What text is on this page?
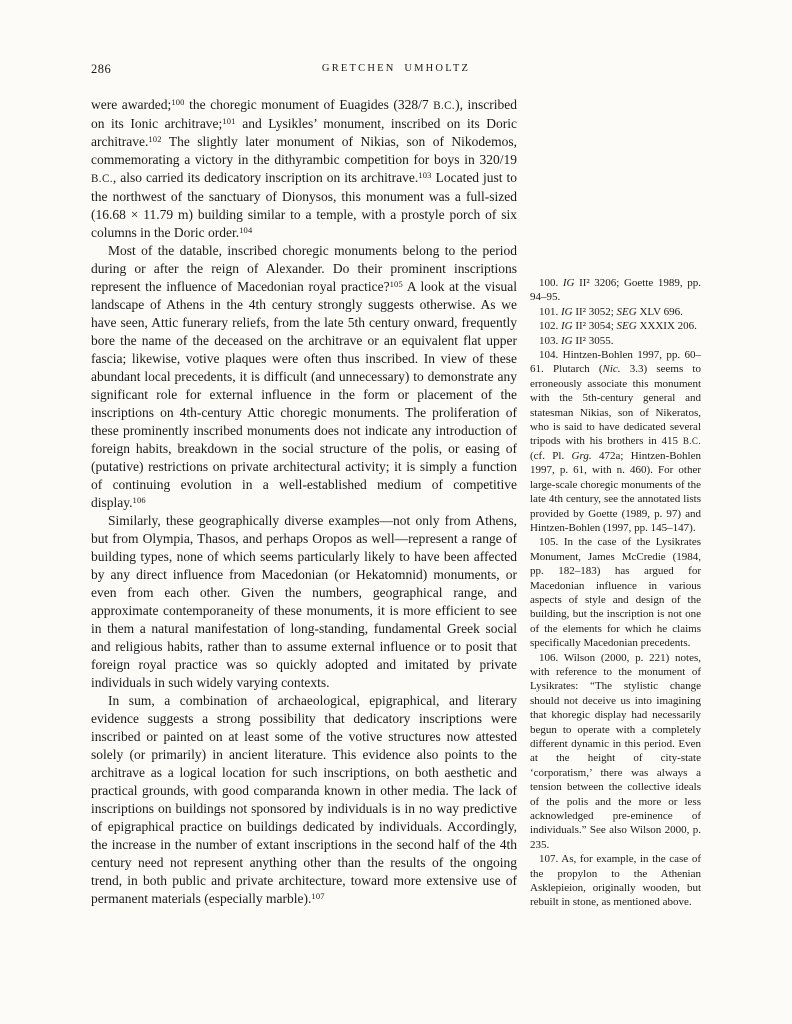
286	GRETCHEN UMHOLTZ

were awarded;$^{100}$ the choregic monument of Euagides (328/7 B.C.), inscribed on its Ionic architrave;$^{101}$ and Lysikles’ monument, inscribed on its Doric architrave.$^{102}$ The slightly later monument of Nikias, son of Nikodemos, commemorating a victory in the dithyrambic competition for boys in 320/19 B.C., also carried its dedicatory inscription on its architrave.$^{103}$ Located just to the northwest of the sanctuary of Dionysos, this monument was a full-sized (16.68 × 11.79 m) building similar to a temple, with a prostyle porch of six columns in the Doric order.$^{104}$

Most of the datable, inscribed choregic monuments belong to the period during or after the reign of Alexander. Do their prominent inscriptions represent the influence of Macedonian royal practice?$^{105}$ A look at the visual landscape of Athens in the 4th century strongly suggests otherwise. As we have seen, Attic funerary reliefs, from the late 5th century onward, frequently bore the name of the deceased on the architrave or an equivalent flat upper fascia; likewise, votive plaques were often thus inscribed. In view of these abundant local precedents, it is difficult (and unnecessary) to demonstrate any significant role for external influence in the form or placement of the inscriptions on 4th-century Attic choregic monuments. The proliferation of these prominently inscribed monuments does not indicate any introduction of foreign habits, breakdown in the social structure of the polis, or easing of (putative) restrictions on private architectural activity; it is simply a function of continuing evolution in a well-established medium of competitive display.$^{106}$

Similarly, these geographically diverse examples—not only from Athens, but from Olympia, Thasos, and perhaps Oropos as well—represent a range of building types, none of which seems particularly likely to have been affected by any direct influence from Macedonian (or Hekatomnid) monuments, or even from each other. Given the numbers, geographical range, and approximate contemporaneity of these monuments, it is more efficient to see in them a natural manifestation of long-standing, fundamental Greek social and religious habits, rather than to assume external influence or to posit that foreign royal practice was so quickly adopted and imitated by private individuals in such widely varying contexts.

In sum, a combination of archaeological, epigraphical, and literary evidence suggests a strong possibility that dedicatory inscriptions were inscribed or painted on at least some of the votive structures now attested solely (or primarily) in ancient literature. This evidence also points to the architrave as a logical location for such inscriptions, on both aesthetic and practical grounds, with good comparanda known in other media. The lack of inscriptions on buildings not sponsored by individuals is in no way predictive of epigraphical practice on buildings dedicated by individuals. Accordingly, the increase in the number of extant inscriptions in the second half of the 4th century need not represent anything other than the results of the ongoing trend, in both public and private architecture, toward more extensive use of permanent materials (especially marble).$^{107}$

100. IG II² 3206; Goette 1989, pp. 94–95.

101. IG II² 3052; SEG XLV 696.

102. IG II² 3054; SEG XXXIX 206.

103. IG II² 3055.

104. Hintzen-Bohlen 1997, pp. 60–61. Plutarch (Nic. 3.3) seems to erroneously associate this monument with the 5th-century general and statesman Nikias, son of Nikeratos, who is said to have dedicated several tripods with his brothers in 415 B.C. (cf. Pl. Grg. 472a; Hintzen-Bohlen 1997, p. 61, with n. 460). For other large-scale choregic monuments of the late 4th century, see the annotated lists provided by Goette (1989, p. 97) and Hintzen-Bohlen (1997, pp. 145–147).

105. In the case of the Lysikrates Monument, James McCredie (1984, pp. 182–183) has argued for Macedonian influence in various aspects of style and design of the building, but the inscription is not one of the elements for which he claims specifically Macedonian precedents.

106. Wilson (2000, p. 221) notes, with reference to the monument of Lysikrates: “The stylistic change should not deceive us into imagining that khoregic display had necessarily begun to operate with a completely different dynamic in this period. Even at the height of city-state ‘corporatism,’ there was always a tension between the collective ideals of the polis and the more or less acknowledged pre-eminence of individuals.” See also Wilson 2000, p. 235.

107. As, for example, in the case of the propylon to the Athenian Asklepieion, originally wooden, but rebuilt in stone, as mentioned above.
